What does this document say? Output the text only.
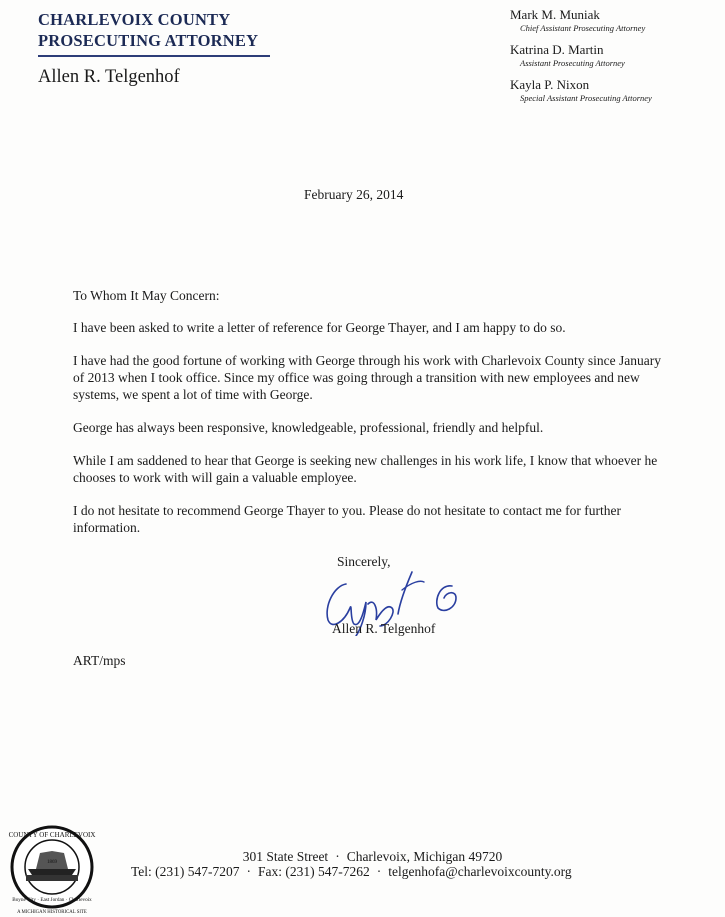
CHARLEVOIX COUNTY
PROSECUTING ATTORNEY
Allen R. Telgenhof
Mark M. Muniak
Chief Assistant Prosecuting Attorney
Katrina D. Martin
Assistant Prosecuting Attorney
Kayla P. Nixon
Special Assistant Prosecuting Attorney
February 26, 2014

To Whom It May Concern:

I have been asked to write a letter of reference for George Thayer, and I am happy to do so.

I have had the good fortune of working with George through his work with Charlevoix County since January of 2013 when I took office. Since my office was going through a transition with new employees and new systems, we spent a lot of time with George.

George has always been responsive, knowledgeable, professional, friendly and helpful.

While I am saddened to hear that George is seeking new challenges in his work life, I know that whoever he chooses to work with will gain a valuable employee.

I do not hesitate to recommend George Thayer to you. Please do not hesitate to contact me for further information.

Sincerely,
Allen R. Telgenhof
ART/mps
COUNTY OF CHARLEVOIX
Boyne City · East Jordan · Charlevoix
1869
A MICHIGAN HISTORICAL SITE
301 State Street · Charlevoix, Michigan 49720
Tel: (231) 547-7207 · Fax: (231) 547-7262 · telgenhofa@charlevoixcounty.org
